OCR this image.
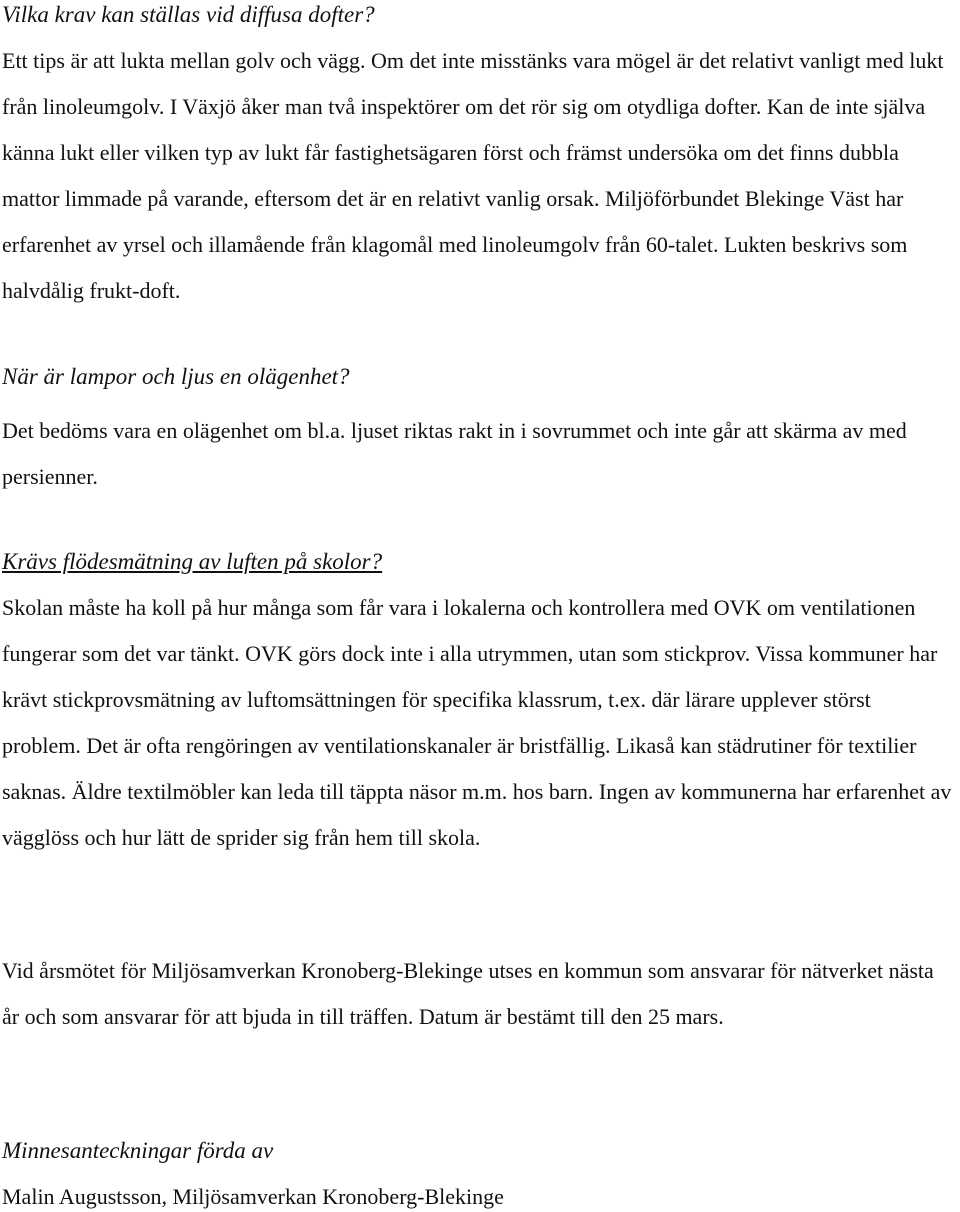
Vilka krav kan ställas vid diffusa dofter?

Ett tips är att lukta mellan golv och vägg. Om det inte misstänks vara mögel är det relativt vanligt med lukt från linoleumgolv. I Växjö åker man två inspektörer om det rör sig om otydliga dofter. Kan de inte själva känna lukt eller vilken typ av lukt får fastighetsägaren först och främst undersöka om det finns dubbla mattor limmade på varande, eftersom det är en relativt vanlig orsak. Miljöförbundet Blekinge Väst har erfarenhet av yrsel och illamående från klagomål med linoleumgolv från 60-talet. Lukten beskrivs som halvdålig frukt-doft.

När är lampor och ljus en olägenhet?

Det bedöms vara en olägenhet om bl.a. ljuset riktas rakt in i sovrummet och inte går att skärma av med persienner.

Krävs flödesmätning av luften på skolor?

Skolan måste ha koll på hur många som får vara i lokalerna och kontrollera med OVK om ventilationen fungerar som det var tänkt. OVK görs dock inte i alla utrymmen, utan som stickprov. Vissa kommuner har krävt stickprovsmätning av luftomsättningen för specifika klassrum, t.ex. där lärare upplever störst problem. Det är ofta rengöringen av ventilationskanaler är bristfällig. Likaså kan städrutiner för textilier saknas. Äldre textilmöbler kan leda till täppta näsor m.m. hos barn. Ingen av kommunerna har erfarenhet av vägglöss och hur lätt de sprider sig från hem till skola.

Vid årsmötet för Miljösamverkan Kronoberg-Blekinge utses en kommun som ansvarar för nätverket nästa år och som ansvarar för att bjuda in till träffen. Datum är bestämt till den 25 mars.

Minnesanteckningar förda av

Malin Augustsson, Miljösamverkan Kronoberg-Blekinge
